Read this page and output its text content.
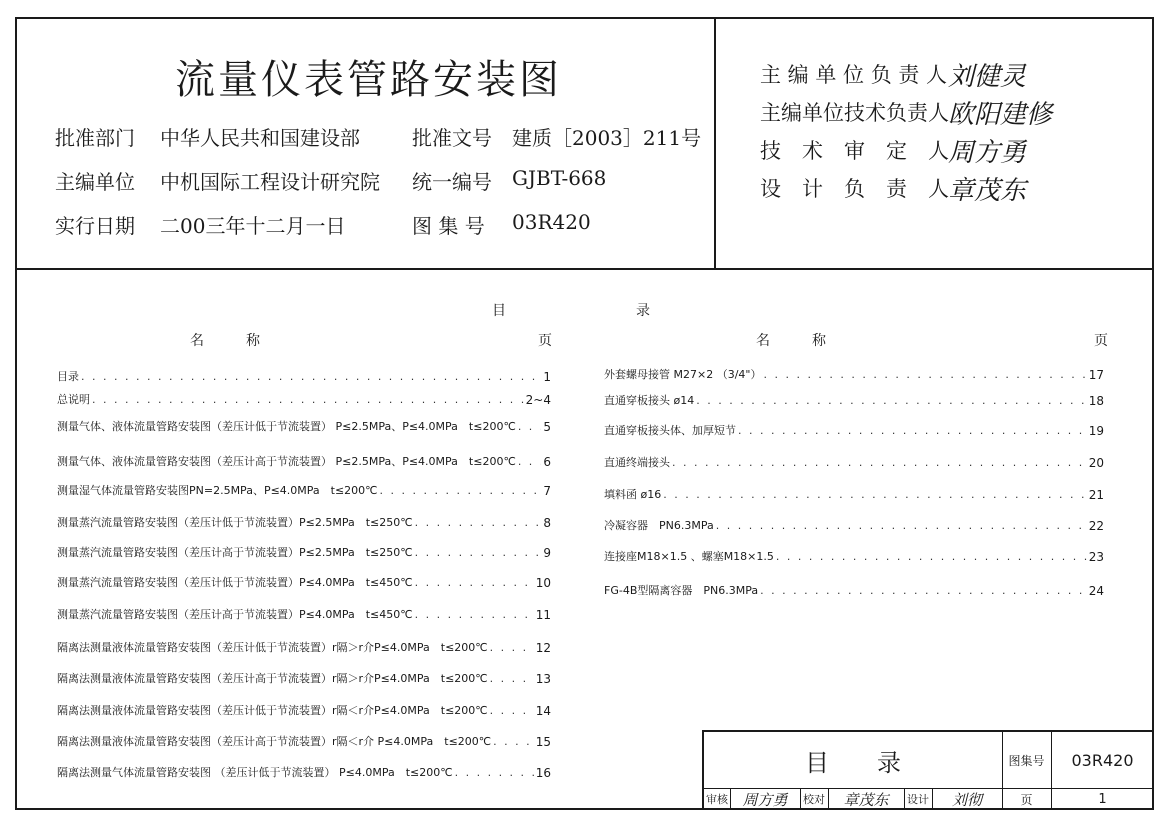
流量仪表管路安装图
批准部门 中华人民共和国建设部	批准文号 建质［2003］211号
主编单位 中机国际工程设计研究院 统一编号 GJBT-668
实行日期 二00三年十二月一日	图 集 号 03R420
主 编 单 位 负 责 人 刘健灵
主编单位技术负责人 欧阳建修
技　术　审　定　人 周方勇
设　计　负　责　人 章茂东
目	录
名　　　称	页	名　　　称	页
目录 . . .	1
总说明 . . .	2~4
测量气体、液体流量管路安装图（差压计低于节流装置） P≤2.5MPa、P≤4.0MPa　t≤200℃ . . . 5
测量气体、液体流量管路安装图（差压计高于节流装置） P≤2.5MPa、P≤4.0MPa　t≤200℃ . . . 6
测量湿气体流量管路安装图PN=2.5MPa、P≤4.0MPa　t≤200℃ . . .	7
测量蒸汽流量管路安装图（差压计低于节流装置）P≤2.5MPa　t≤250℃ . . .	8
测量蒸汽流量管路安装图（差压计高于节流装置）P≤2.5MPa　t≤250℃ . . .	9
测量蒸汽流量管路安装图（差压计低于节流装置）P≤4.0MPa　t≤450℃ . . .	10
测量蒸汽流量管路安装图（差压计高于节流装置）P≤4.0MPa　t≤450℃ . . .	11
隔离法测量液体流量管路安装图（差压计低于节流装置）r隔＞r介P≤4.0MPa　t≤200℃ . . .	12
隔离法测量液体流量管路安装图（差压计高于节流装置）r隔＞r介P≤4.0MPa　t≤200℃ . . .	13
隔离法测量液体流量管路安装图（差压计低于节流装置）r隔＜r介P≤4.0MPa　t≤200℃ . . .	14
隔离法测量液体流量管路安装图（差压计高于节流装置）r隔＜r介 P≤4.0MPa　t≤200℃ . . .	15
隔离法测量气体流量管路安装图 （差压计低于节流装置） P≤4.0MPa　t≤200℃ . . .	16
外套螺母接管 M27×2 （3/4"） . . .	17
直通穿板接头 ø14 . . .	18
直通穿板接头体、加厚短节 . . .	19
直通终端接头 . . .	20
填料函 ø16 . . .	21
冷凝容器　PN6.3MPa . . .	22
连接座M18×1.5 、螺塞M18×1.5 . . .	23
FG-4B型隔离容器　PN6.3MPa . . .	24
目　　录	图集号	03R420
审核 周方勇	校对	章茂东	设计	刘彻	页	1
